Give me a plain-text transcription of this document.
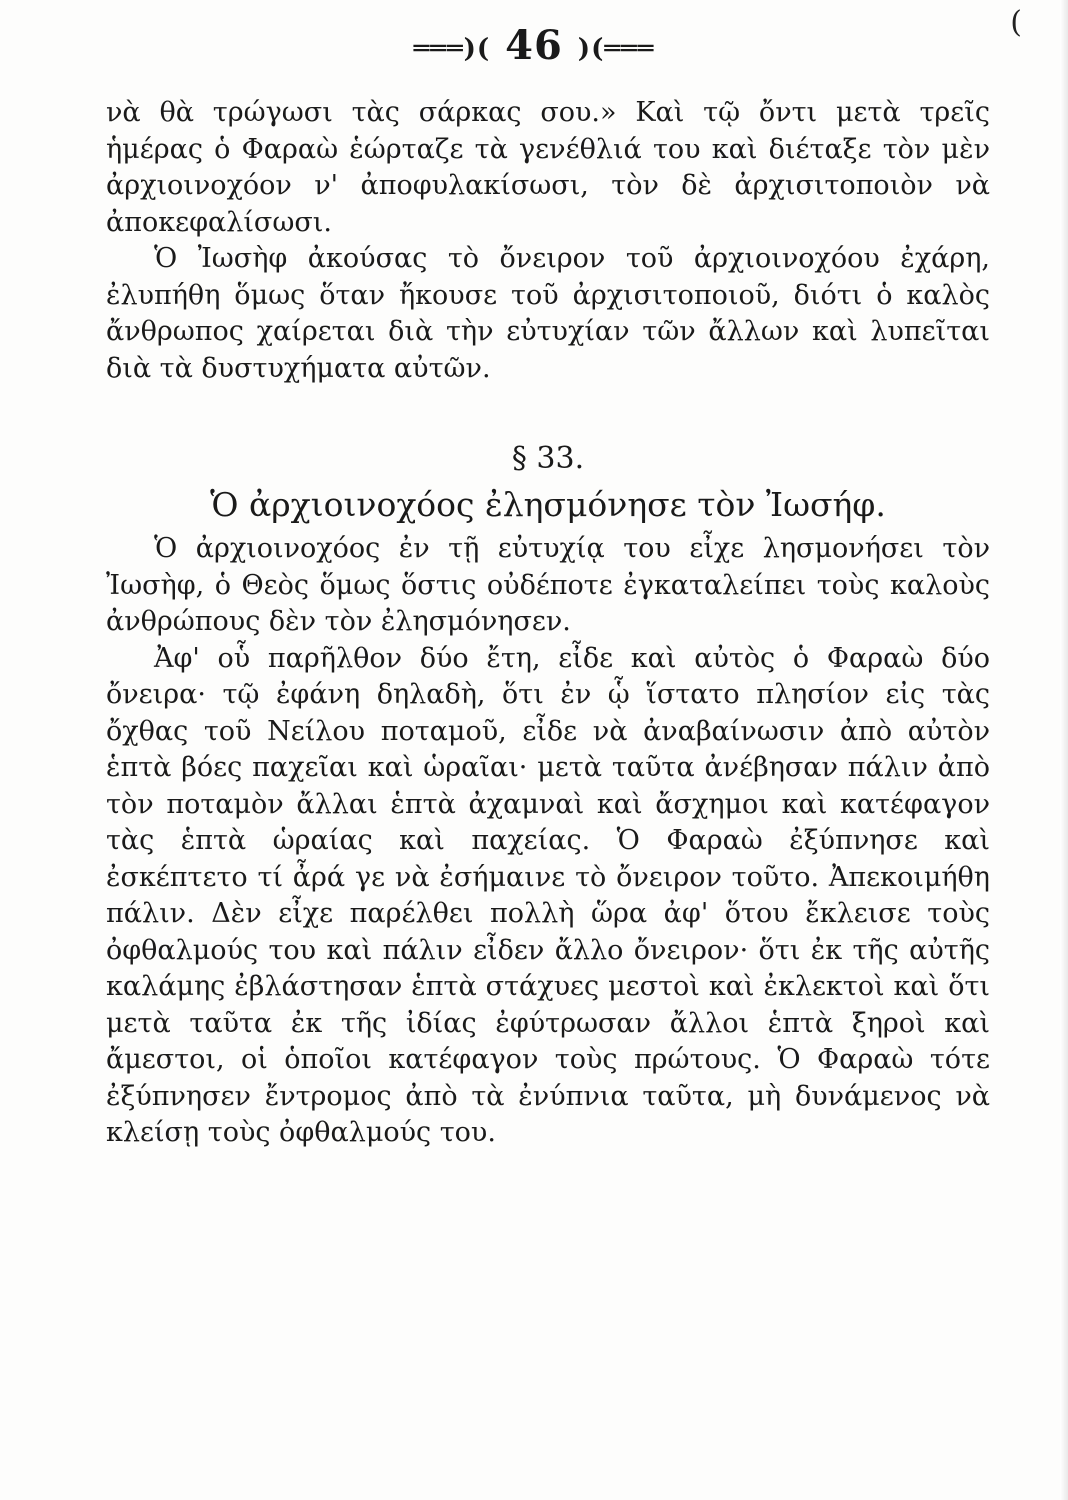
(
═══)( 46 )(═══

νὰ θὰ τρώγωσι τὰς σάρκας σου.» Καὶ τῷ ὄντι μετὰ τρεῖς ἡμέρας ὁ Φαραὼ ἑώρταζε τὰ γενέθλιά του καὶ διέταξε τὸν μὲν ἀρχιοινοχόον ν' ἀποφυλακίσωσι, τὸν δὲ ἀρχισιτοποιὸν νὰ ἀποκεφαλίσωσι.

Ὁ Ἰωσὴφ ἀκούσας τὸ ὄνειρον τοῦ ἀρχιοινοχόου ἐχάρη, ἐλυπήθη ὅμως ὅταν ἤκουσε τοῦ ἀρχισιτοποιοῦ, διότι ὁ καλὸς ἄνθρωπος χαίρεται διὰ τὴν εὐτυχίαν τῶν ἄλλων καὶ λυπεῖται διὰ τὰ δυστυχήματα αὐτῶν.

§ 33.
Ὁ ἀρχιοινοχόος ἐλησμόνησε τὸν Ἰωσήφ.

Ὁ ἀρχιοινοχόος ἐν τῇ εὐτυχίᾳ του εἶχε λησμονήσει τὸν Ἰωσὴφ, ὁ Θεὸς ὅμως ὅστις οὐδέποτε ἐγκαταλείπει τοὺς καλοὺς ἀνθρώπους δὲν τὸν ἐλησμόνησεν.

Ἀφ' οὗ παρῆλθον δύο ἔτη, εἶδε καὶ αὐτὸς ὁ Φαραὼ δύο ὄνειρα· τῷ ἐφάνη δηλαδὴ, ὅτι ἐν ᾧ ἵστατο πλησίον εἰς τὰς ὄχθας τοῦ Νείλου ποταμοῦ, εἶδε νὰ ἀναβαίνωσιν ἀπὸ αὐτὸν ἑπτὰ βόες παχεῖαι καὶ ὡραῖαι· μετὰ ταῦτα ἀνέβησαν πάλιν ἀπὸ τὸν ποταμὸν ἄλλαι ἑπτὰ ἀχαμναὶ καὶ ἄσχημοι καὶ κατέφαγον τὰς ἑπτὰ ὡραίας καὶ παχείας. Ὁ Φαραὼ ἐξύπνησε καὶ ἐσκέπτετο τί ἆρά γε νὰ ἐσήμαινε τὸ ὄνειρον τοῦτο. Ἀπεκοιμήθη πάλιν. Δὲν εἶχε παρέλθει πολλὴ ὥρα ἀφ' ὅτου ἔκλεισε τοὺς ὀφθαλμούς του καὶ πάλιν εἶδεν ἄλλο ὄνειρον· ὅτι ἐκ τῆς αὐτῆς καλάμης ἐβλάστησαν ἑπτὰ στάχυες μεστοὶ καὶ ἐκλεκτοὶ καὶ ὅτι μετὰ ταῦτα ἐκ τῆς ἰδίας ἐφύτρωσαν ἄλλοι ἑπτὰ ξηροὶ καὶ ἄμεστοι, οἱ ὁποῖοι κατέφαγον τοὺς πρώτους. Ὁ Φαραὼ τότε ἐξύπνησεν ἔντρομος ἀπὸ τὰ ἐνύπνια ταῦτα, μὴ δυνάμενος νὰ κλείσῃ τοὺς ὀφθαλμούς του.
